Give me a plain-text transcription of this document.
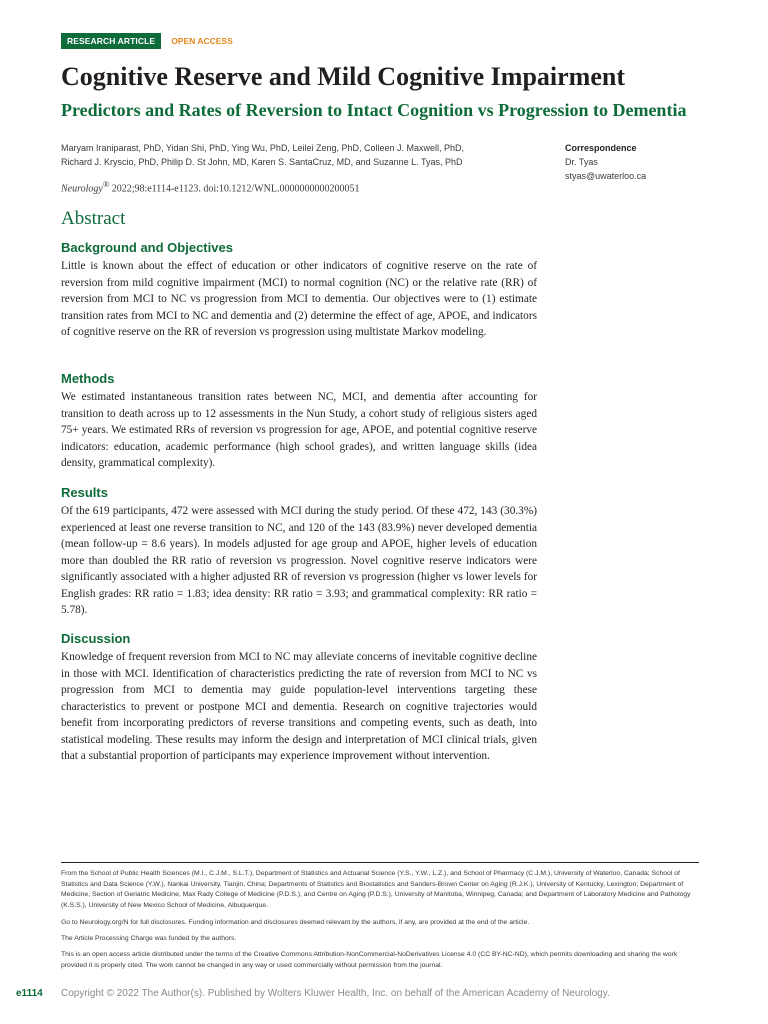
RESEARCH ARTICLE	OPEN ACCESS
Cognitive Reserve and Mild Cognitive Impairment
Predictors and Rates of Reversion to Intact Cognition vs Progression to Dementia
Maryam Iraniparast, PhD, Yidan Shi, PhD, Ying Wu, PhD, Leilei Zeng, PhD, Colleen J. Maxwell, PhD,
Richard J. Kryscio, PhD, Philip D. St John, MD, Karen S. SantaCruz, MD, and Suzanne L. Tyas, PhD
Neurology® 2022;98:e1114-e1123. doi:10.1212/WNL.0000000000200051
Correspondence
Dr. Tyas
styas@uwaterloo.ca
Abstract
Background and Objectives

Little is known about the effect of education or other indicators of cognitive reserve on the rate of reversion from mild cognitive impairment (MCI) to normal cognition (NC) or the relative rate (RR) of reversion from MCI to NC vs progression from MCI to dementia. Our objectives were to (1) estimate transition rates from MCI to NC and dementia and (2) determine the effect of age, APOE, and indicators of cognitive reserve on the RR of reversion vs progression using multistate Markov modeling.

Methods

We estimated instantaneous transition rates between NC, MCI, and dementia after accounting for transition to death across up to 12 assessments in the Nun Study, a cohort study of religious sisters aged 75+ years. We estimated RRs of reversion vs progression for age, APOE, and potential cognitive reserve indicators: education, academic performance (high school grades), and written language skills (idea density, grammatical complexity).

Results

Of the 619 participants, 472 were assessed with MCI during the study period. Of these 472, 143 (30.3%) experienced at least one reverse transition to NC, and 120 of the 143 (83.9%) never developed dementia (mean follow-up = 8.6 years). In models adjusted for age group and APOE, higher levels of education more than doubled the RR ratio of reversion vs progression. Novel cognitive reserve indicators were significantly associated with a higher adjusted RR of reversion vs progression (higher vs lower levels for English grades: RR ratio = 1.83; idea density: RR ratio = 3.93; and grammatical complexity: RR ratio = 5.78).

Discussion

Knowledge of frequent reversion from MCI to NC may alleviate concerns of inevitable cognitive decline in those with MCI. Identification of characteristics predicting the rate of reversion from MCI to NC vs progression from MCI to dementia may guide population-level interventions targeting these characteristics to prevent or postpone MCI and dementia. Research on cognitive trajectories would benefit from incorporating predictors of reverse transitions and competing events, such as death, into statistical modeling. These results may inform the design and interpretation of MCI clinical trials, given that a substantial proportion of participants may experience improvement without intervention.

From the School of Public Health Sciences (M.I., C.J.M., S.L.T.), Department of Statistics and Actuarial Science (Y.S., Y.W., L.Z.), and School of Pharmacy (C.J.M.), University of Waterloo, Canada; School of Statistics and Data Science (Y.W.), Nankai University, Tianjin, China; Departments of Statistics and Biostatistics and Sanders-Brown Center on Aging (R.J.K.), University of Kentucky, Lexington; Department of Medicine, Section of Geriatric Medicine, Max Rady College of Medicine (P.D.S.), and Centre on Aging (P.D.S.), University of Manitoba, Winnipeg, Canada; and Department of Laboratory Medicine and Pathology (K.S.S.), University of New Mexico School of Medicine, Albuquerque.

Go to Neurology.org/N for full disclosures. Funding information and disclosures deemed relevant by the authors, if any, are provided at the end of the article.

The Article Processing Charge was funded by the authors.

This is an open access article distributed under the terms of the Creative Commons Attribution-NonCommercial-NoDerivatives License 4.0 (CC BY-NC-ND), which permits downloading and sharing the work provided it is properly cited. The work cannot be changed in any way or used commercially without permission from the journal.

e1114 Copyright © 2022 The Author(s). Published by Wolters Kluwer Health, Inc. on behalf of the American Academy of Neurology.
